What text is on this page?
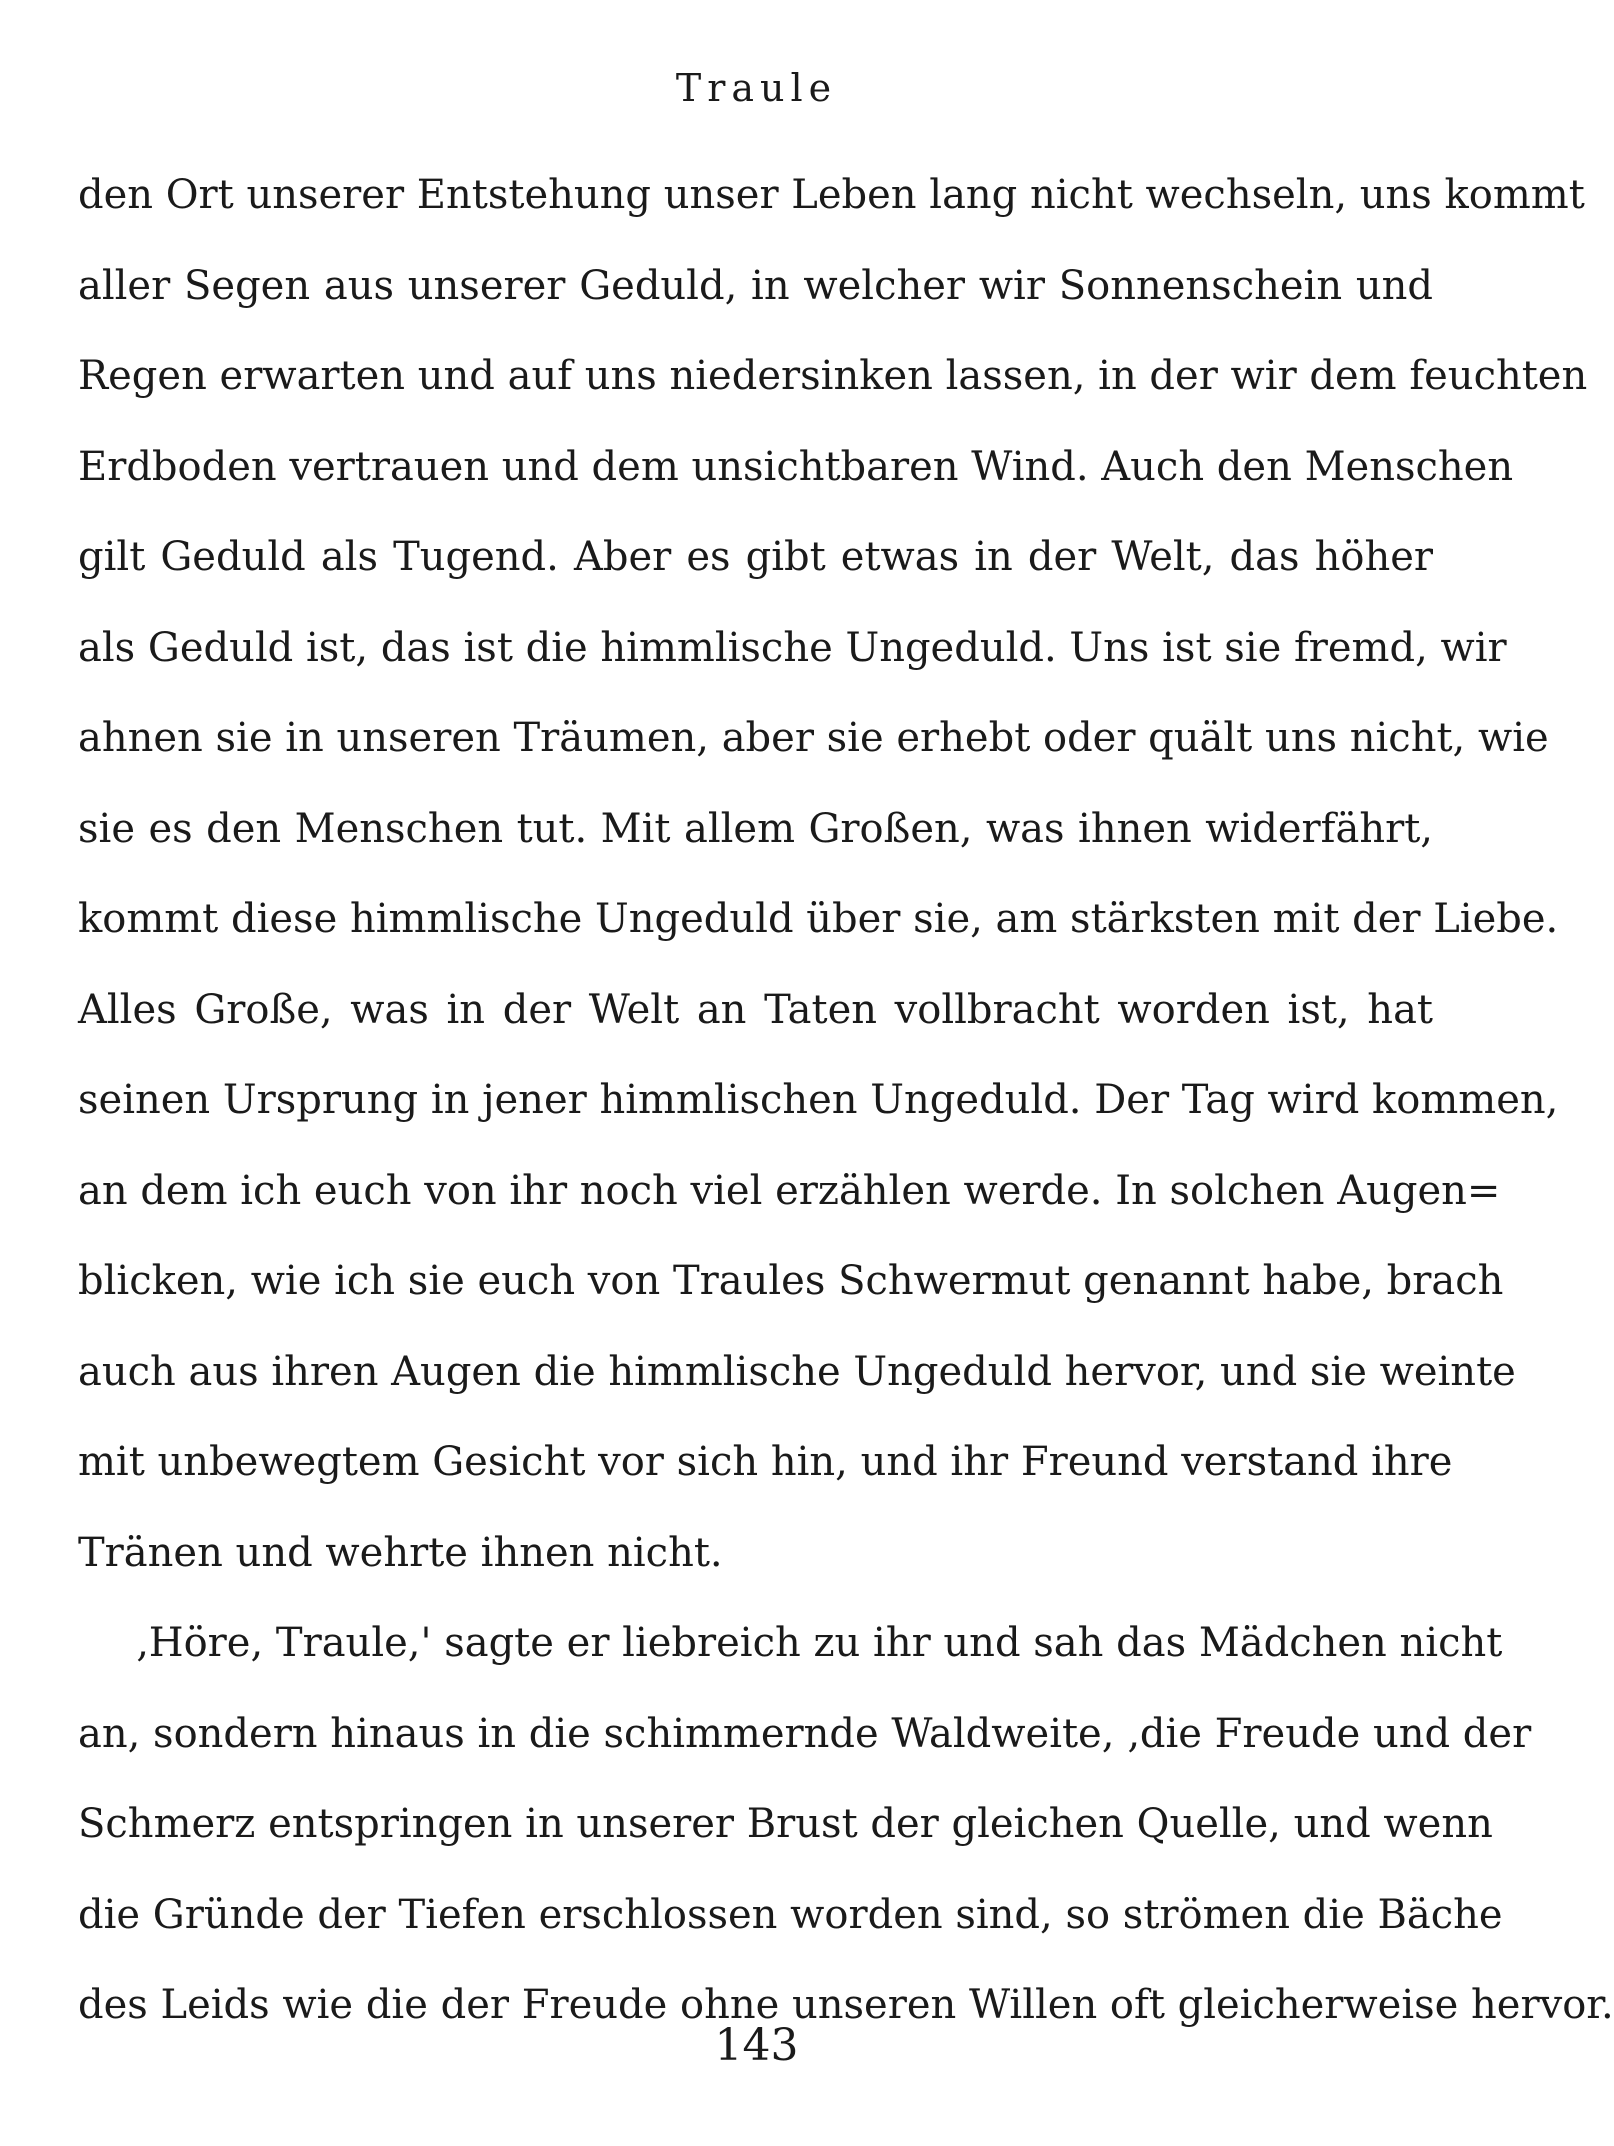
Traule
den Ort unserer Entstehung unser Leben lang nicht wechseln, uns kommt
aller Segen aus unserer Geduld, in welcher wir Sonnenschein und
Regen erwarten und auf uns niedersinken lassen, in der wir dem feuchten
Erdboden vertrauen und dem unsichtbaren Wind. Auch den Menschen
gilt Geduld als Tugend. Aber es gibt etwas in der Welt, das höher
als Geduld ist, das ist die himmlische Ungeduld. Uns ist sie fremd, wir
ahnen sie in unseren Träumen, aber sie erhebt oder quält uns nicht, wie
sie es den Menschen tut. Mit allem Großen, was ihnen widerfährt,
kommt diese himmlische Ungeduld über sie, am stärksten mit der Liebe.
Alles Große, was in der Welt an Taten vollbracht worden ist, hat
seinen Ursprung in jener himmlischen Ungeduld. Der Tag wird kommen,
an dem ich euch von ihr noch viel erzählen werde. In solchen Augen=
blicken, wie ich sie euch von Traules Schwermut genannt habe, brach
auch aus ihren Augen die himmlische Ungeduld hervor, und sie weinte
mit unbewegtem Gesicht vor sich hin, und ihr Freund verstand ihre
Tränen und wehrte ihnen nicht.
‚Höre, Traule,' sagte er liebreich zu ihr und sah das Mädchen nicht
an, sondern hinaus in die schimmernde Waldweite, ‚die Freude und der
Schmerz entspringen in unserer Brust der gleichen Quelle, und wenn
die Gründe der Tiefen erschlossen worden sind, so strömen die Bäche
des Leids wie die der Freude ohne unseren Willen oft gleicherweise hervor.
143
